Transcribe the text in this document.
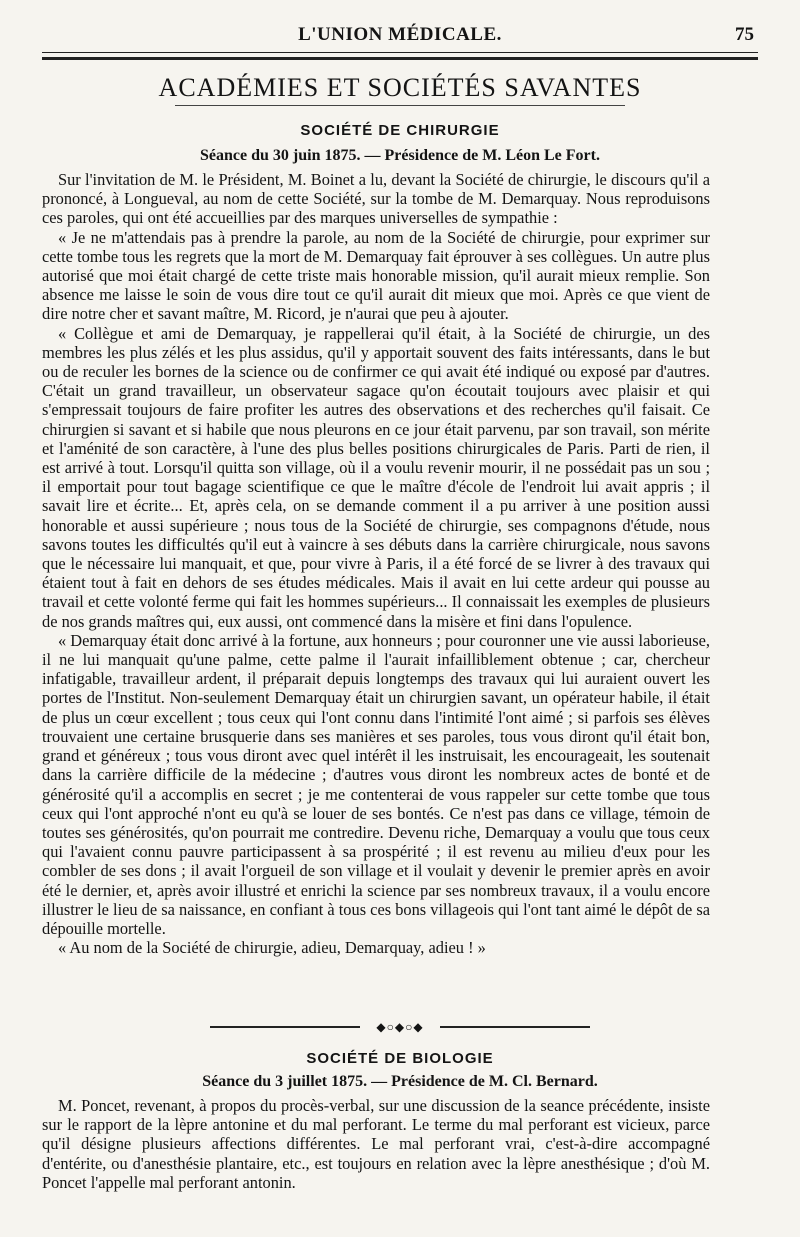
L'UNION MÉDICALE.	75
ACADÉMIES ET SOCIÉTÉS SAVANTES
SOCIÉTÉ DE CHIRURGIE
Séance du 30 juin 1875. — Présidence de M. Léon Le Fort.

Sur l'invitation de M. le Président, M. Boinet a lu, devant la Société de chirurgie, le discours qu'il a prononcé, à Longueval, au nom de cette Société, sur la tombe de M. Demarquay. Nous reproduisons ces paroles, qui ont été accueillies par des marques universelles de sympathie :

« Je ne m'attendais pas à prendre la parole, au nom de la Société de chirurgie, pour exprimer sur cette tombe tous les regrets que la mort de M. Demarquay fait éprouver à ses collègues. Un autre plus autorisé que moi était chargé de cette triste mais honorable mission, qu'il aurait mieux remplie. Son absence me laisse le soin de vous dire tout ce qu'il aurait dit mieux que moi. Après ce que vient de dire notre cher et savant maître, M. Ricord, je n'aurai que peu à ajouter.

« Collègue et ami de Demarquay, je rappellerai qu'il était, à la Société de chirurgie, un des membres les plus zélés et les plus assidus, qu'il y apportait souvent des faits intéressants, dans le but ou de reculer les bornes de la science ou de confirmer ce qui avait été indiqué ou exposé par d'autres. C'était un grand travailleur, un observateur sagace qu'on écoutait toujours avec plaisir et qui s'empressait toujours de faire profiter les autres des observations et des recherches qu'il faisait. Ce chirurgien si savant et si habile que nous pleurons en ce jour était parvenu, par son travail, son mérite et l'aménité de son caractère, à l'une des plus belles positions chirurgicales de Paris. Parti de rien, il est arrivé à tout. Lorsqu'il quitta son village, où il a voulu revenir mourir, il ne possédait pas un sou ; il emportait pour tout bagage scientifique ce que le maître d'école de l'endroit lui avait appris ; il savait lire et écrite... Et, après cela, on se demande comment il a pu arriver à une position aussi honorable et aussi supérieure ; nous tous de la Société de chirurgie, ses compagnons d'étude, nous savons toutes les difficultés qu'il eut à vaincre à ses débuts dans la carrière chirurgicale, nous savons que le nécessaire lui manquait, et que, pour vivre à Paris, il a été forcé de se livrer à des travaux qui étaient tout à fait en dehors de ses études médicales. Mais il avait en lui cette ardeur qui pousse au travail et cette volonté ferme qui fait les hommes supérieurs... Il connaissait les exemples de plusieurs de nos grands maîtres qui, eux aussi, ont commencé dans la misère et fini dans l'opulence.

« Demarquay était donc arrivé à la fortune, aux honneurs ; pour couronner une vie aussi laborieuse, il ne lui manquait qu'une palme, cette palme il l'aurait infailliblement obtenue ; car, chercheur infatigable, travailleur ardent, il préparait depuis longtemps des travaux qui lui auraient ouvert les portes de l'Institut. Non-seulement Demarquay était un chirurgien savant, un opérateur habile, il était de plus un cœur excellent ; tous ceux qui l'ont connu dans l'intimité l'ont aimé ; si parfois ses élèves trouvaient une certaine brusquerie dans ses manières et ses paroles, tous vous diront qu'il était bon, grand et généreux ; tous vous diront avec quel intérêt il les instruisait, les encourageait, les soutenait dans la carrière difficile de la médecine ; d'autres vous diront les nombreux actes de bonté et de générosité qu'il a accomplis en secret ; je me contenterai de vous rappeler sur cette tombe que tous ceux qui l'ont approché n'ont eu qu'à se louer de ses bontés. Ce n'est pas dans ce village, témoin de toutes ses générosités, qu'on pourrait me contredire. Devenu riche, Demarquay a voulu que tous ceux qui l'avaient connu pauvre participassent à sa prospérité ; il est revenu au milieu d'eux pour les combler de ses dons ; il avait l'orgueil de son village et il voulait y devenir le premier après en avoir été le dernier, et, après avoir illustré et enrichi la science par ses nombreux travaux, il a voulu encore illustrer le lieu de sa naissance, en confiant à tous ces bons villageois qui l'ont tant aimé le dépôt de sa dépouille mortelle.

« Au nom de la Société de chirurgie, adieu, Demarquay, adieu ! »

◆○◆○◆
SOCIÉTÉ DE BIOLOGIE
Séance du 3 juillet 1875. — Présidence de M. Cl. Bernard.

M. Poncet, revenant, à propos du procès-verbal, sur une discussion de la seance précédente, insiste sur le rapport de la lèpre antonine et du mal perforant. Le terme du mal perforant est vicieux, parce qu'il désigne plusieurs affections différentes. Le mal perforant vrai, c'est-à-dire accompagné d'entérite, ou d'anesthésie plantaire, etc., est toujours en relation avec la lèpre anesthésique ; d'où M. Poncet l'appelle mal perforant antonin.
